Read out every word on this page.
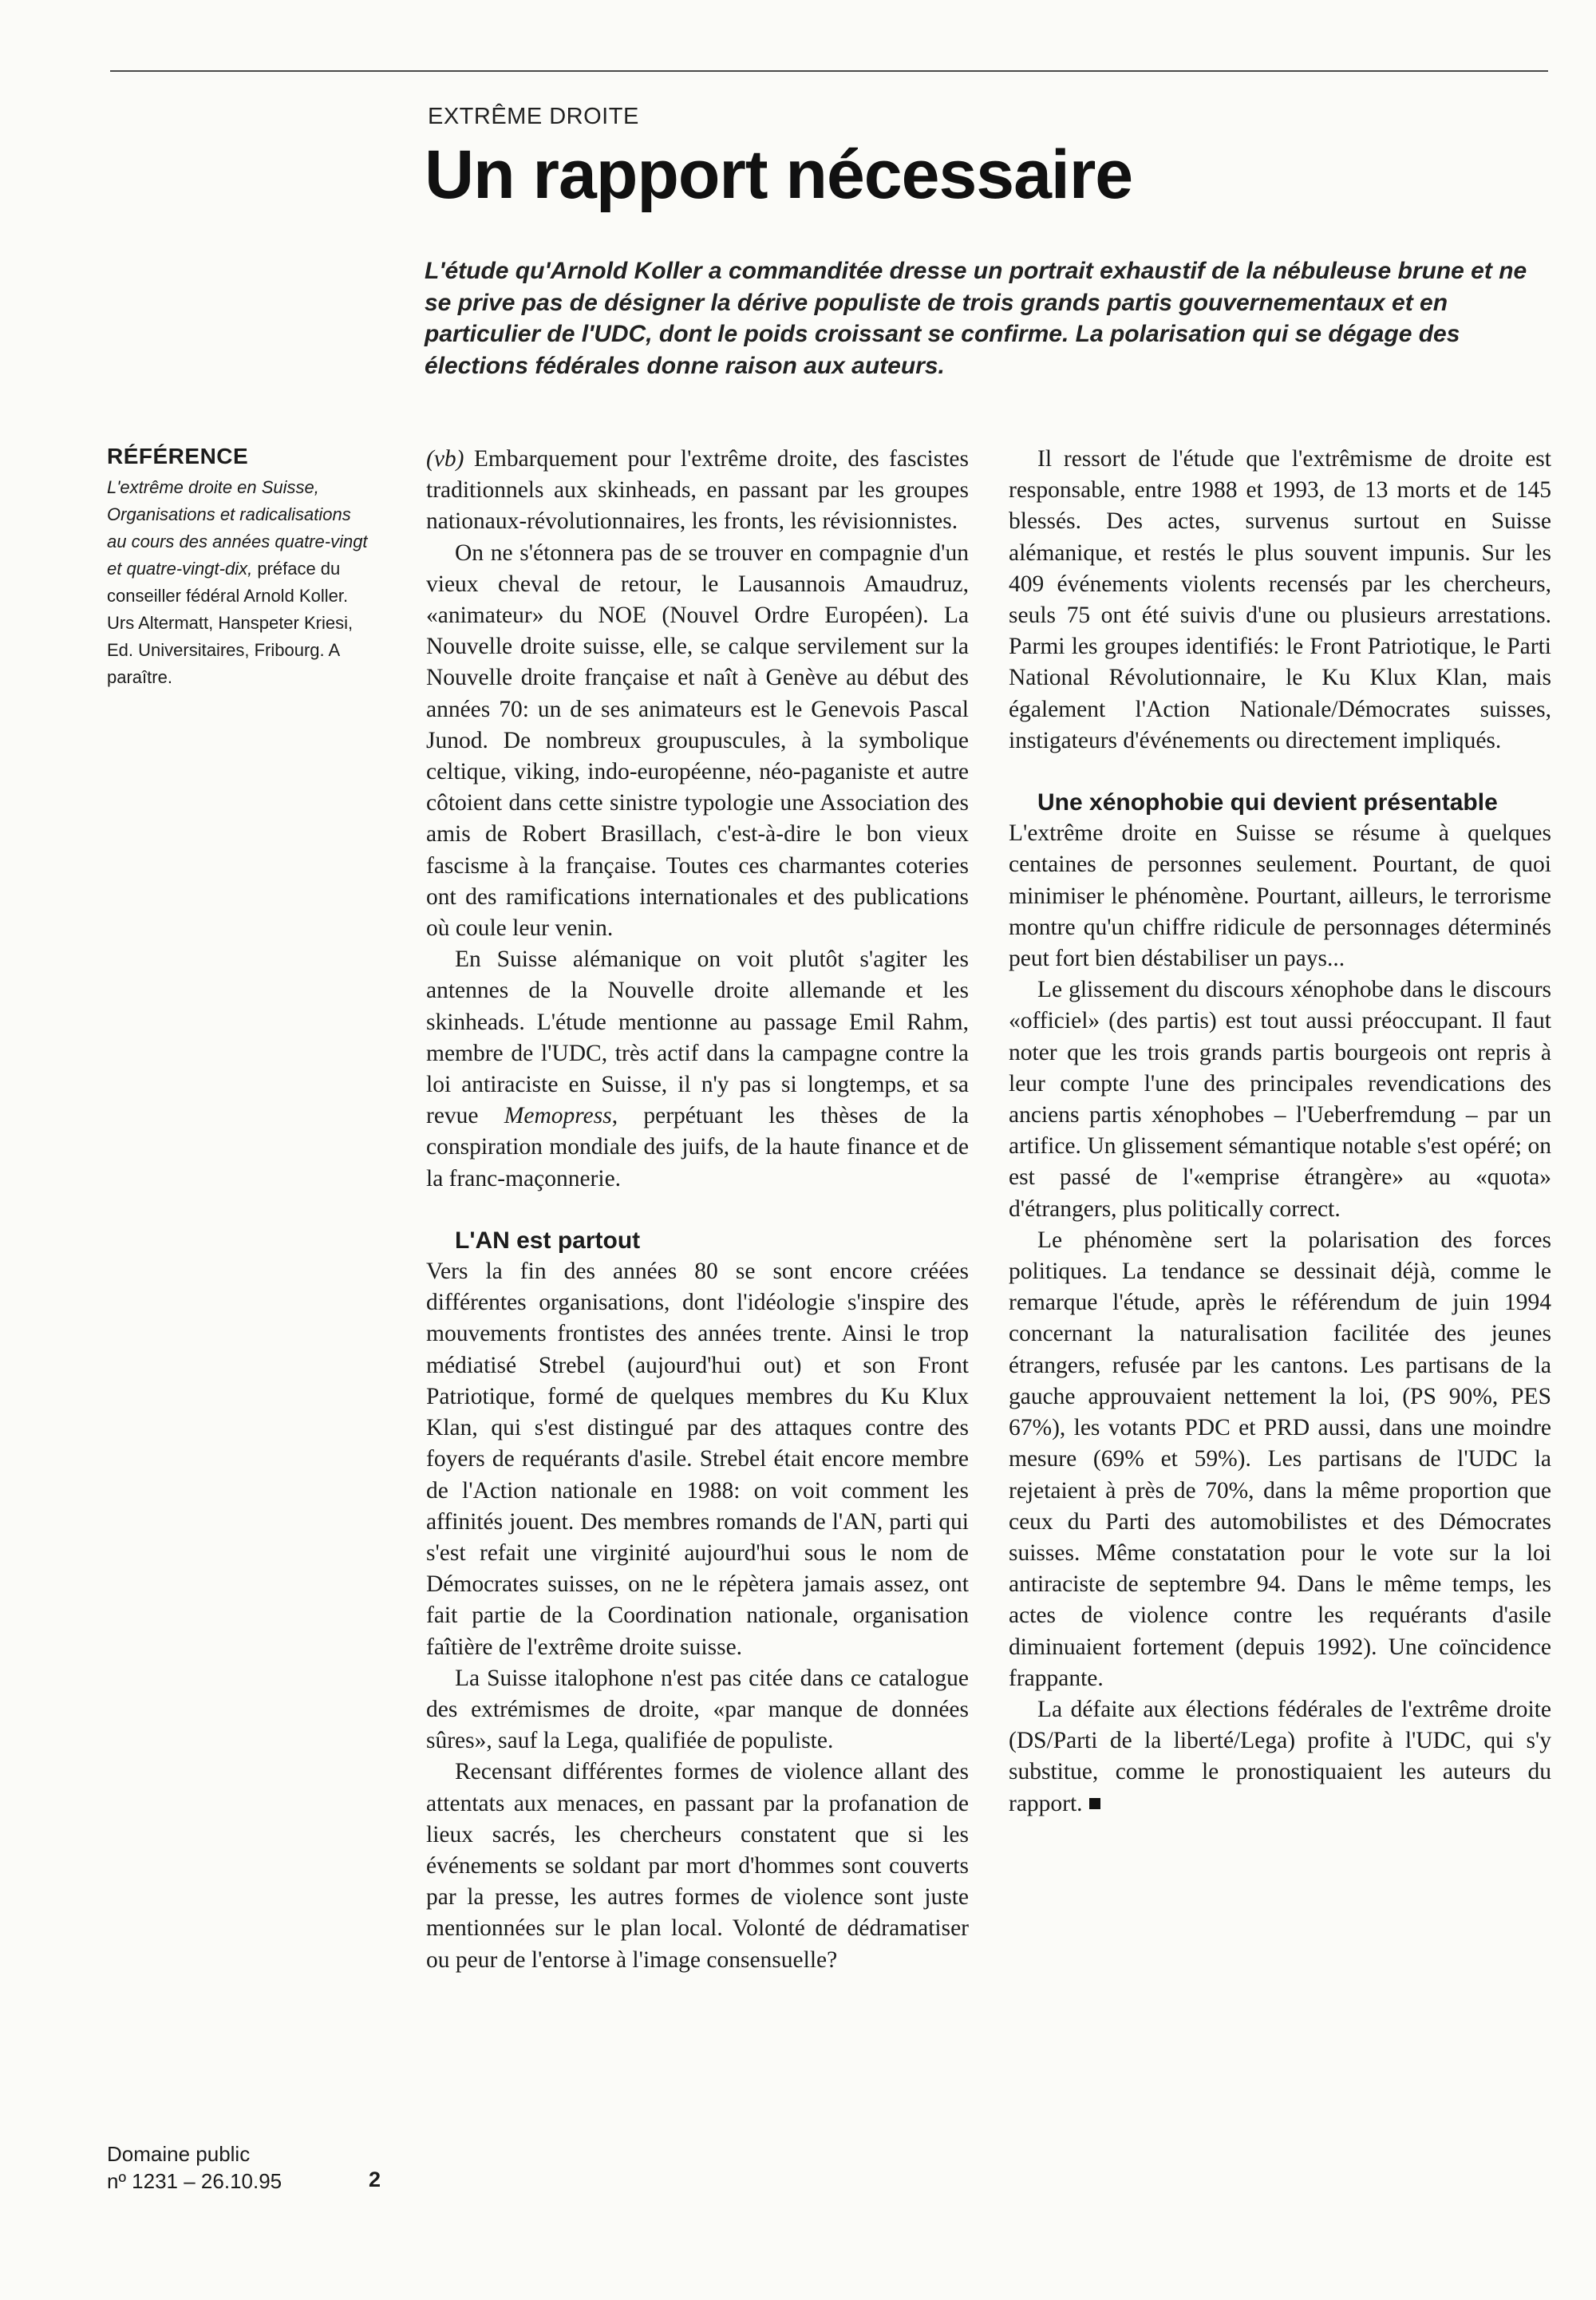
EXTRÊME DROITE
Un rapport nécessaire

L'étude qu'Arnold Koller a commanditée dresse un portrait exhaustif de la nébuleuse brune et ne se prive pas de désigner la dérive populiste de trois grands partis gouvernementaux et en particulier de l'UDC, dont le poids croissant se confirme. La polarisation qui se dégage des élections fédérales donne raison aux auteurs.

RÉFÉRENCE

L'extrême droite en Suisse, Organisations et radicalisations au cours des années quatre-vingt et quatre-vingt-dix, préface du conseiller fédéral Arnold Koller. Urs Altermatt, Hanspeter Kriesi, Ed. Universitaires, Fribourg. A paraître.

(vb) Embarquement pour l'extrême droite, des fascistes traditionnels aux skinheads, en passant par les groupes nationaux-révolutionnaires, les fronts, les révisionnistes.

On ne s'étonnera pas de se trouver en compagnie d'un vieux cheval de retour, le Lausannois Amaudruz, «animateur» du NOE (Nouvel Ordre Européen). La Nouvelle droite suisse, elle, se calque servilement sur la Nouvelle droite française et naît à Genève au début des années 70: un de ses animateurs est le Genevois Pascal Junod. De nombreux groupuscules, à la symbolique celtique, viking, indo-européenne, néo-paganiste et autre côtoient dans cette sinistre typologie une Association des amis de Robert Brasillach, c'est-à-dire le bon vieux fascisme à la française. Toutes ces charmantes coteries ont des ramifications internationales et des publications où coule leur venin.

En Suisse alémanique on voit plutôt s'agiter les antennes de la Nouvelle droite allemande et les skinheads. L'étude mentionne au passage Emil Rahm, membre de l'UDC, très actif dans la campagne contre la loi antiraciste en Suisse, il n'y pas si longtemps, et sa revue Memopress, perpétuant les thèses de la conspiration mondiale des juifs, de la haute finance et de la franc-maçonnerie.

L'AN est partout

Vers la fin des années 80 se sont encore créées différentes organisations, dont l'idéologie s'inspire des mouvements frontistes des années trente. Ainsi le trop médiatisé Strebel (aujourd'hui out) et son Front Patriotique, formé de quelques membres du Ku Klux Klan, qui s'est distingué par des attaques contre des foyers de requérants d'asile. Strebel était encore membre de l'Action nationale en 1988: on voit comment les affinités jouent. Des membres romands de l'AN, parti qui s'est refait une virginité aujourd'hui sous le nom de Démocrates suisses, on ne le répètera jamais assez, ont fait partie de la Coordination nationale, organisation faîtière de l'extrême droite suisse.

La Suisse italophone n'est pas citée dans ce catalogue des extrémismes de droite, «par manque de données sûres», sauf la Lega, qualifiée de populiste.

Recensant différentes formes de violence allant des attentats aux menaces, en passant par la profanation de lieux sacrés, les chercheurs constatent que si les événements se soldant par mort d'hommes sont couverts par la presse, les autres formes de violence sont juste mentionnées sur le plan local. Volonté de dédramatiser ou peur de l'entorse à l'image consensuelle?

Il ressort de l'étude que l'extrêmisme de droite est responsable, entre 1988 et 1993, de 13 morts et de 145 blessés. Des actes, survenus surtout en Suisse alémanique, et restés le plus souvent impunis. Sur les 409 événements violents recensés par les chercheurs, seuls 75 ont été suivis d'une ou plusieurs arrestations. Parmi les groupes identifiés: le Front Patriotique, le Parti National Révolutionnaire, le Ku Klux Klan, mais également l'Action Nationale/Démocrates suisses, instigateurs d'événements ou directement impliqués.

Une xénophobie qui devient présentable

L'extrême droite en Suisse se résume à quelques centaines de personnes seulement. Pourtant, de quoi minimiser le phénomène. Pourtant, ailleurs, le terrorisme montre qu'un chiffre ridicule de personnages déterminés peut fort bien déstabiliser un pays...

Le glissement du discours xénophobe dans le discours «officiel» (des partis) est tout aussi préoccupant. Il faut noter que les trois grands partis bourgeois ont repris à leur compte l'une des principales revendications des anciens partis xénophobes – l'Ueberfremdung – par un artifice. Un glissement sémantique notable s'est opéré; on est passé de l'«emprise étrangère» au «quota» d'étrangers, plus politically correct.

Le phénomène sert la polarisation des forces politiques. La tendance se dessinait déjà, comme le remarque l'étude, après le référendum de juin 1994 concernant la naturalisation facilitée des jeunes étrangers, refusée par les cantons. Les partisans de la gauche approuvaient nettement la loi, (PS 90%, PES 67%), les votants PDC et PRD aussi, dans une moindre mesure (69% et 59%). Les partisans de l'UDC la rejetaient à près de 70%, dans la même proportion que ceux du Parti des automobilistes et des Démocrates suisses. Même constatation pour le vote sur la loi antiraciste de septembre 94. Dans le même temps, les actes de violence contre les requérants d'asile diminuaient fortement (depuis 1992). Une coïncidence frappante.

La défaite aux élections fédérales de l'extrême droite (DS/Parti de la liberté/Lega) profite à l'UDC, qui s'y substitue, comme le pronostiquaient les auteurs du rapport.

Domaine public
nº 1231 – 26.10.95	2
